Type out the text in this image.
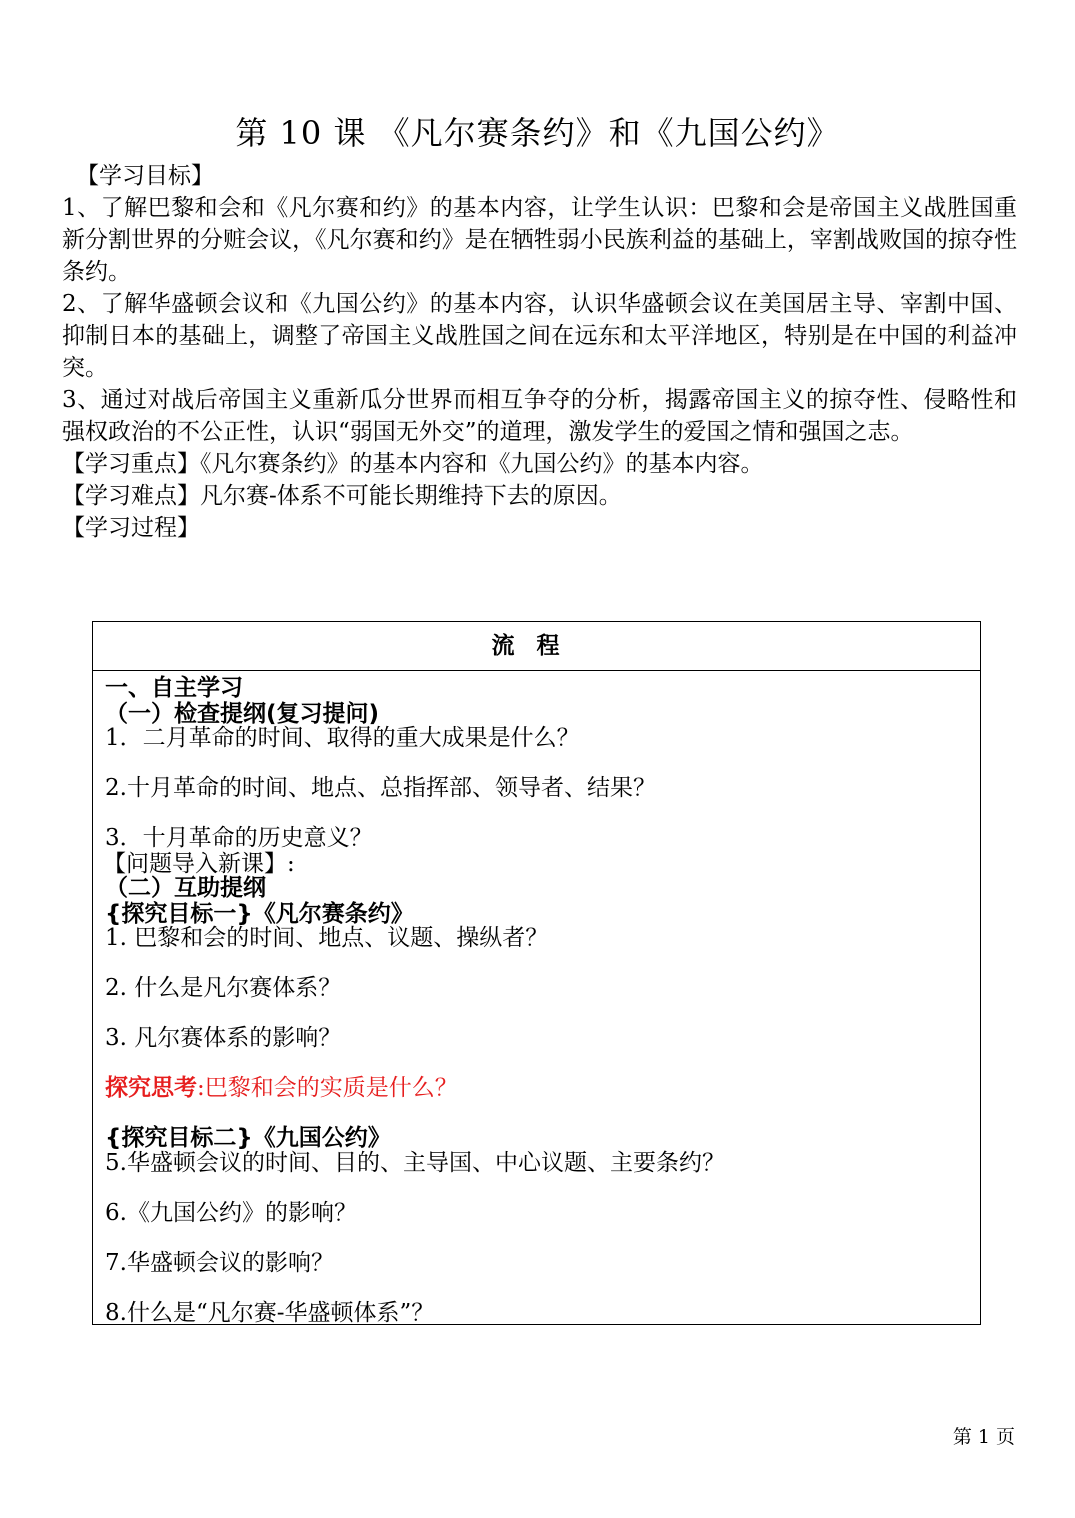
第 10 课 《凡尔赛条约》和《九国公约》

【学习目标】

1、了解巴黎和会和《凡尔赛和约》的基本内容，让学生认识：巴黎和会是帝国主义战胜国重新分割世界的分赃会议，《凡尔赛和约》是在牺牲弱小民族利益的基础上，宰割战败国的掠夺性条约。

2、了解华盛顿会议和《九国公约》的基本内容，认识华盛顿会议在美国居主导、宰割中国、抑制日本的基础上，调整了帝国主义战胜国之间在远东和太平洋地区，特别是在中国的利益冲突。

3、通过对战后帝国主义重新瓜分世界而相互争夺的分析，揭露帝国主义的掠夺性、侵略性和强权政治的不公正性，认识“弱国无外交”的道理，激发学生的爱国之情和强国之志。

【学习重点】《凡尔赛条约》的基本内容和《九国公约》的基本内容。

【学习难点】凡尔赛-体系不可能长期维持下去的原因。

【学习过程】

流程
一、自主学习
（一）检查提纲(复习提问)
1．二月革命的时间、取得的重大成果是什么？
2.十月革命的时间、地点、总指挥部、领导者、结果？
3．十月革命的历史意义？
【问题导入新课】:
（二）互助提纲
{探究目标一}《凡尔赛条约》
1. 巴黎和会的时间、地点、议题、操纵者？
2. 什么是凡尔赛体系？
3. 凡尔赛体系的影响？
探究思考:巴黎和会的实质是什么？
{探究目标二}《九国公约》
5.华盛顿会议的时间、目的、主导国、中心议题、主要条约？
6.《九国公约》的影响？
7.华盛顿会议的影响？
8.什么是“凡尔赛-华盛顿体系”？
第 1 页
